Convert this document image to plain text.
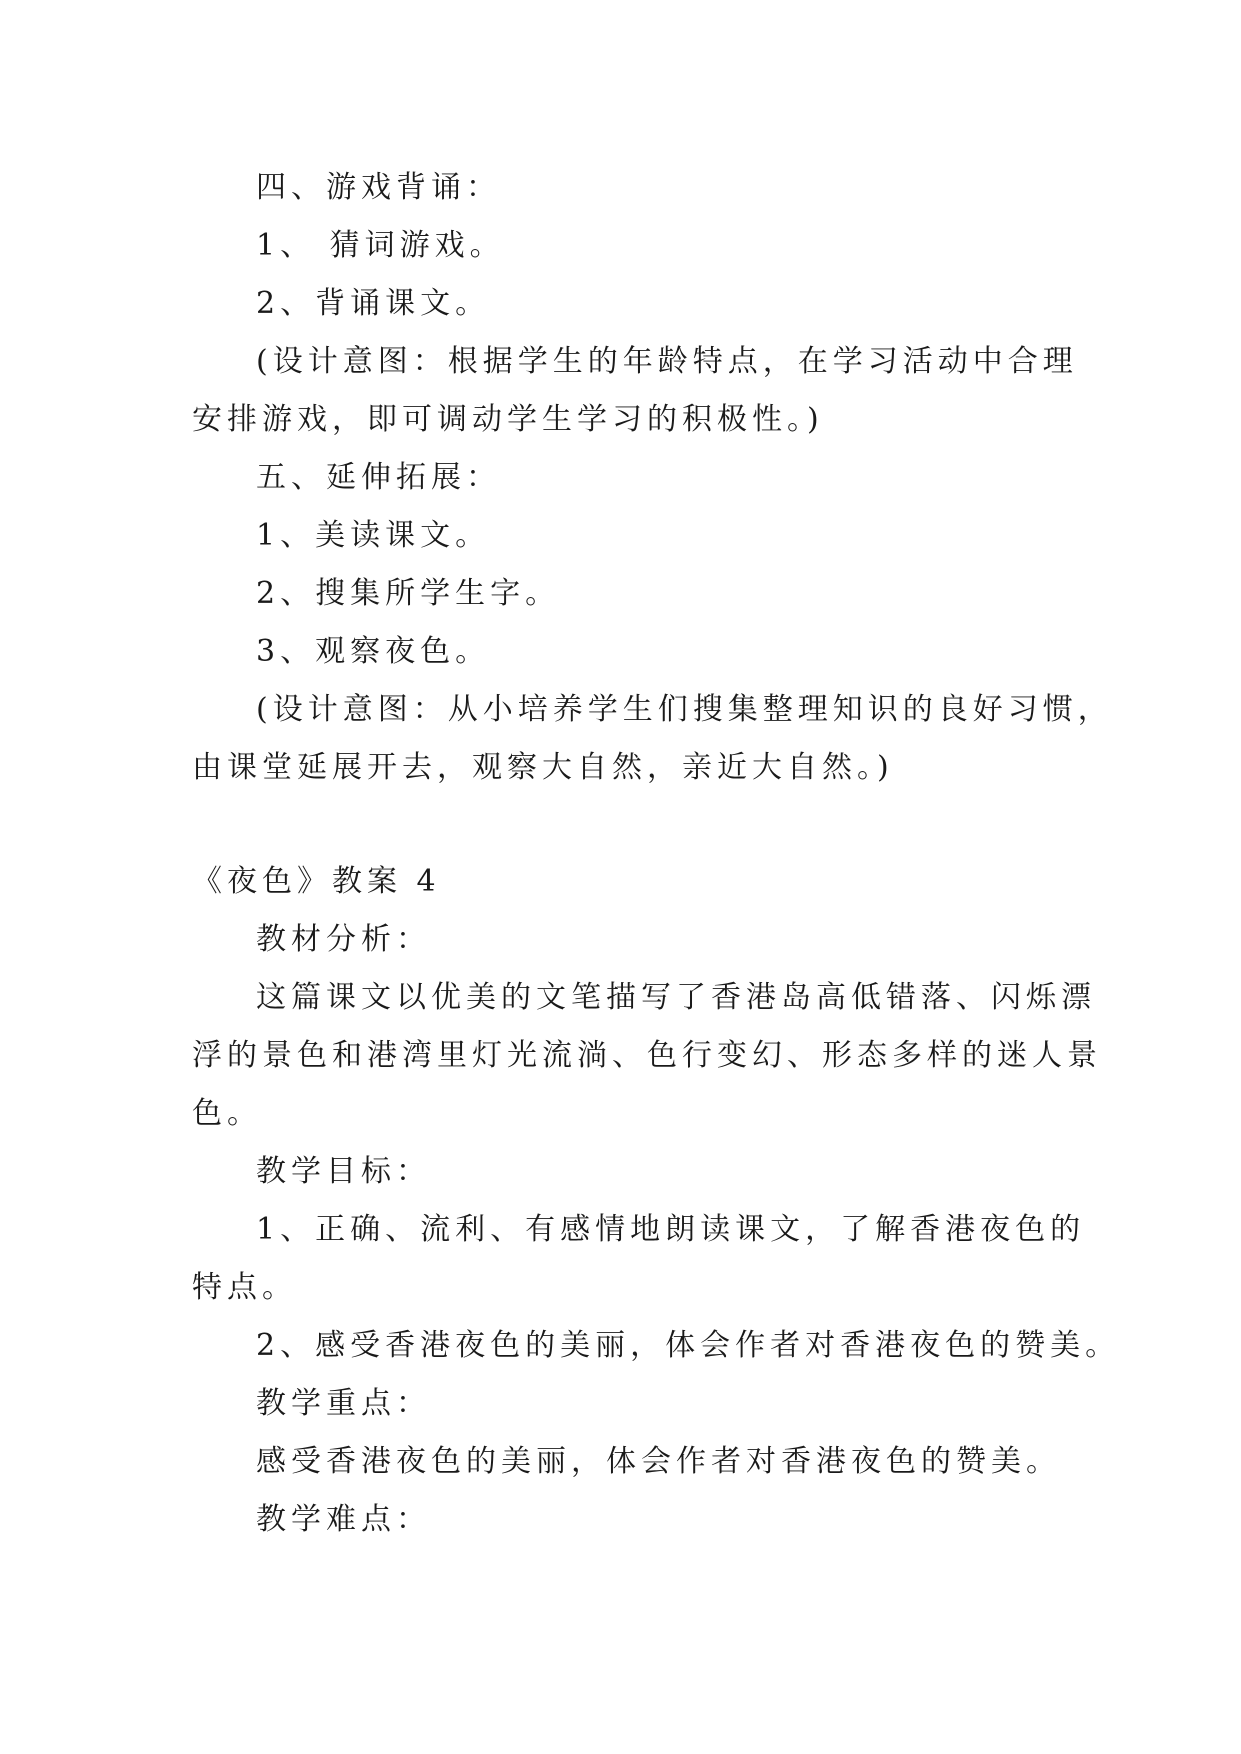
四、游戏背诵：
1、 猜词游戏。
2、背诵课文。
(设计意图：根据学生的年龄特点，在学习活动中合理
安排游戏，即可调动学生学习的积极性。)
五、延伸拓展：
1、美读课文。
2、搜集所学生字。
3、观察夜色。
(设计意图：从小培养学生们搜集整理知识的良好习惯，
由课堂延展开去，观察大自然，亲近大自然。)
《夜色》教案 4
教材分析：
这篇课文以优美的文笔描写了香港岛高低错落、闪烁漂
浮的景色和港湾里灯光流淌、色行变幻、形态多样的迷人景
色。
教学目标：
1、正确、流利、有感情地朗读课文，了解香港夜色的
特点。
2、感受香港夜色的美丽，体会作者对香港夜色的赞美。
教学重点：
感受香港夜色的美丽，体会作者对香港夜色的赞美。
教学难点：
